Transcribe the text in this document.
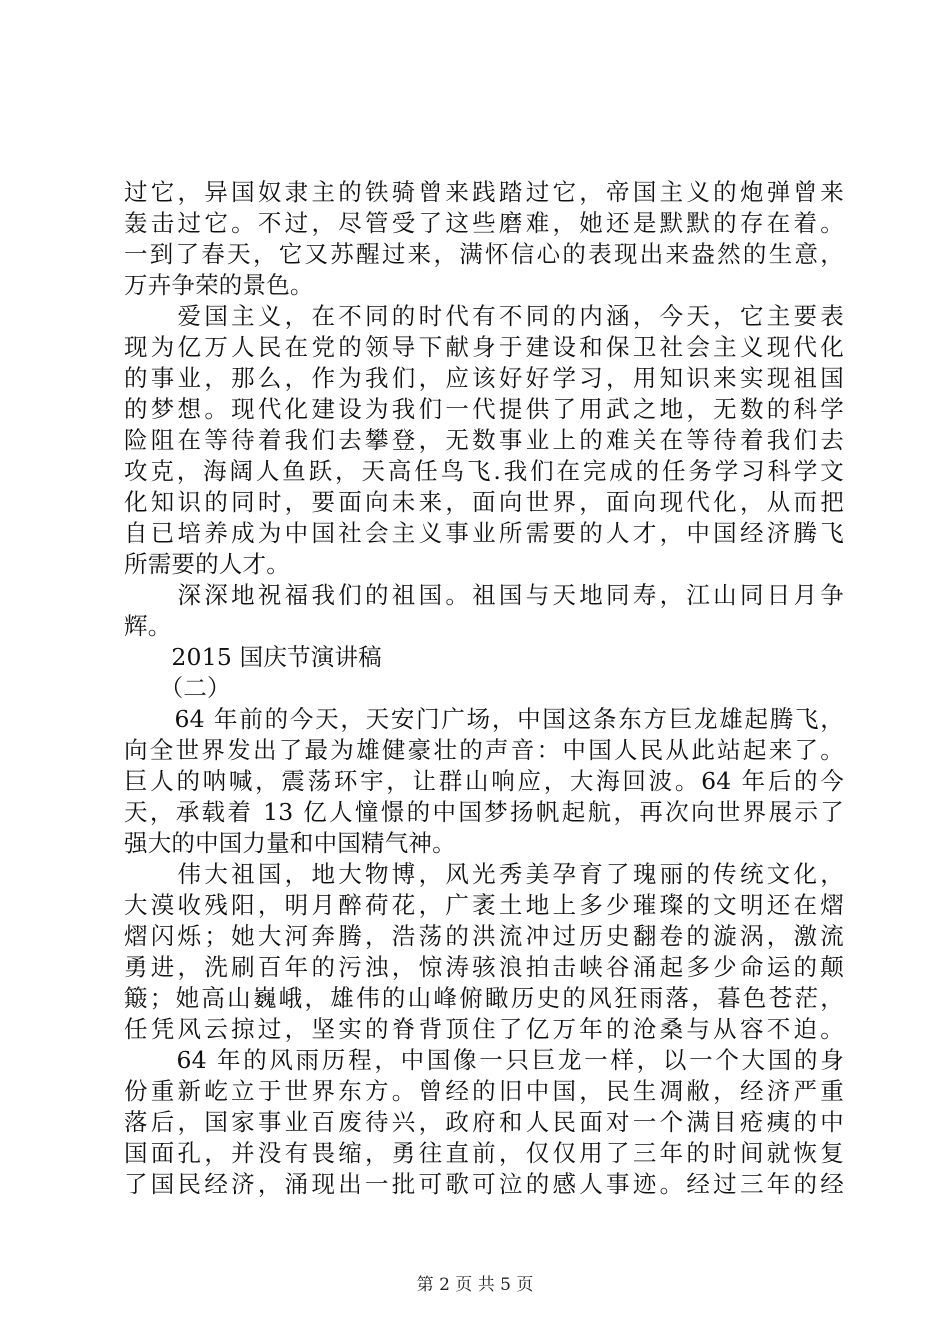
过它，异国奴隶主的铁骑曾来践踏过它，帝国主义的炮弹曾来
轰击过它。不过，尽管受了这些磨难，她还是默默的存在着。
一到了春天，它又苏醒过来，满怀信心的表现出来盎然的生意，
万卉争荣的景色。
　　爱国主义，在不同的时代有不同的内涵，今天，它主要表
现为亿万人民在党的领导下献身于建设和保卫社会主义现代化
的事业，那么，作为我们，应该好好学习，用知识来实现祖国
的梦想。现代化建设为我们一代提供了用武之地，无数的科学
险阻在等待着我们去攀登，无数事业上的难关在等待着我们去
攻克，海阔人鱼跃，天高任鸟飞.我们在完成的任务学习科学文
化知识的同时，要面向未来，面向世界，面向现代化，从而把
自已培养成为中国社会主义事业所需要的人才，中国经济腾飞
所需要的人才。
　　深深地祝福我们的祖国。祖国与天地同寿，江山同日月争
辉。
　　2015 国庆节演讲稿
　　（二）
　　64 年前的今天，天安门广场，中国这条东方巨龙雄起腾飞，
向全世界发出了最为雄健豪壮的声音：中国人民从此站起来了。
巨人的呐喊，震荡环宇，让群山响应，大海回波。64 年后的今
天，承载着 13 亿人憧憬的中国梦扬帆起航，再次向世界展示了
强大的中国力量和中国精气神。
　　伟大祖国，地大物博，风光秀美孕育了瑰丽的传统文化，
大漠收残阳，明月醉荷花，广袤土地上多少璀璨的文明还在熠
熠闪烁；她大河奔腾，浩荡的洪流冲过历史翻卷的漩涡，激流
勇进，洗刷百年的污浊，惊涛骇浪拍击峡谷涌起多少命运的颠
簸；她高山巍峨，雄伟的山峰俯瞰历史的风狂雨落，暮色苍茫，
任凭风云掠过，坚实的脊背顶住了亿万年的沧桑与从容不迫。
　　64 年的风雨历程，中国像一只巨龙一样，以一个大国的身
份重新屹立于世界东方。曾经的旧中国，民生凋敝，经济严重
落后，国家事业百废待兴，政府和人民面对一个满目疮痍的中
国面孔，并没有畏缩，勇往直前，仅仅用了三年的时间就恢复
了国民经济，涌现出一批可歌可泣的感人事迹。经过三年的经
第 2 页 共 5 页
